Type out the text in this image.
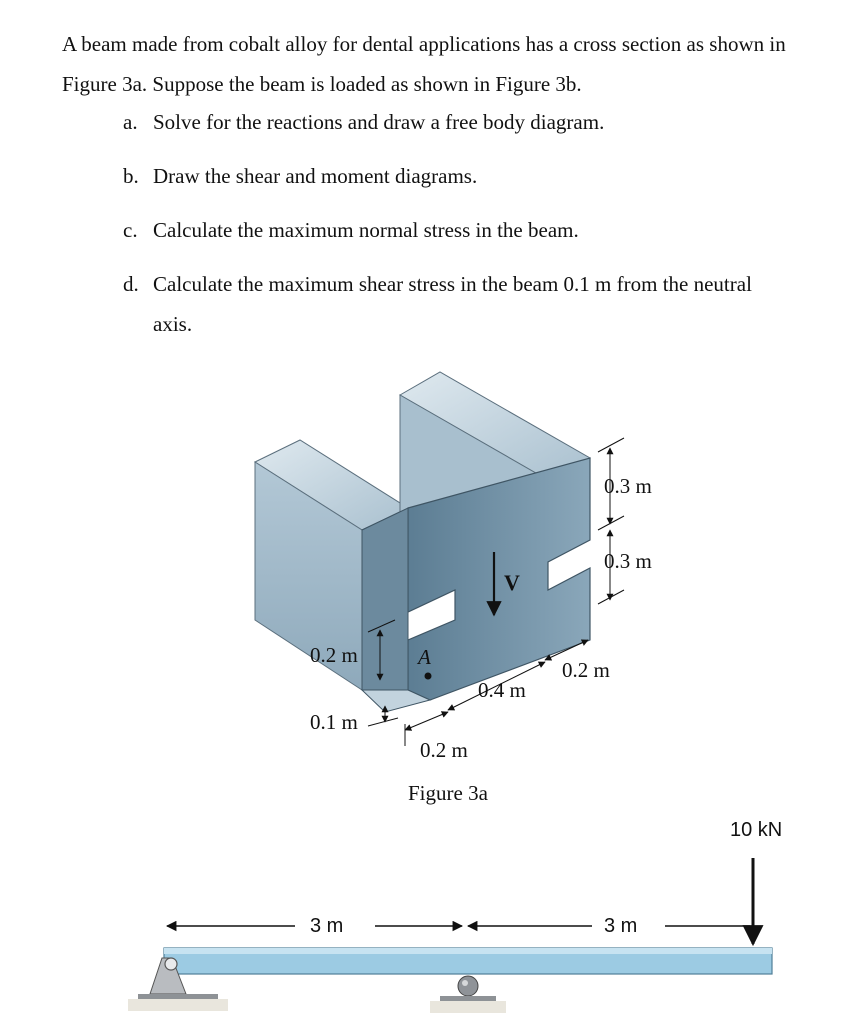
A beam made from cobalt alloy for dental applications has a cross section as shown in Figure 3a. Suppose the beam is loaded as shown in Figure 3b.
a. Solve for the reactions and draw a free body diagram.
b. Draw the shear and moment diagrams.
c. Calculate the maximum normal stress in the beam.
d. Calculate the maximum shear stress in the beam 0.1 m from the neutral
axis.
V
A
0.3 m
0.3 m
0.2 m
0.4 m
0.2 m
0.2 m
0.1 m
Figure 3a
10 kN
3 m	3 m
